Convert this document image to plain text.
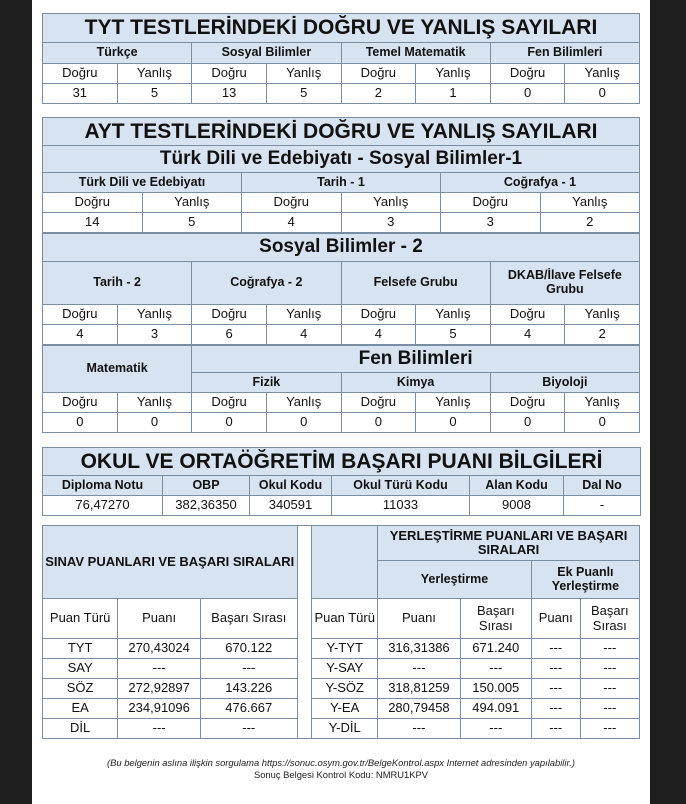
TYT TESTLERİNDEKİ DOĞRU VE YANLIŞ SAYILARI							
Türkçe		Sosyal Bilimler		Temel Matematik		Fen Bilimleri	
Doğru	Yanlış	Doğru	Yanlış	Doğru	Yanlış	Doğru	Yanlış
31	5	13	5	2	1	0	0
AYT TESTLERİNDEKİ DOĞRU VE YANLIŞ SAYILARI					
Türk Dili ve Edebiyatı - Sosyal Bilimler-1					
Türk Dili ve Edebiyatı		Tarih - 1		Coğrafya - 1	
Doğru	Yanlış	Doğru	Yanlış	Doğru	Yanlış
14	5	4	3	3	2
Sosyal Bilimler - 2							
Tarih - 2		Coğrafya - 2		Felsefe Grubu		DKAB/İlave Felsefe Grubu	
Doğru	Yanlış	Doğru	Yanlış	Doğru	Yanlış	Doğru	Yanlış
4	3	6	4	4	5	4	2
Matematik		Fen Bilimleri					
		Fizik		Kimya		Biyoloji	
Doğru	Yanlış	Doğru	Yanlış	Doğru	Yanlış	Doğru	Yanlış
0	0	0	0	0	0	0	0
OKUL VE ORTAÖĞRETİM BAŞARI PUANI BİLGİLERİ					
Diploma Notu	OBP	Okul Kodu	Okul Türü Kodu	Alan Kodu	Dal No
76,47270	382,36350	340591	11033	9008	-
SINAV PUANLARI VE BAŞARI SIRALARI					YERLEŞTİRME PUANLARI VE BAŞARI SIRALARI			
					Yerleştirme		Ek Puanlı Yerleştirme	

Puan Türü	Puanı	Başarı Sırası		Puan Türü	Puanı	Başarı Sırası	Puanı	Başarı Sırası
TYT	270,43024	670.122		Y-TYT	316,31386	671.240	---	---
SAY	---	---		Y-SAY	---	---	---	---
SÖZ	272,92897	143.226		Y-SÖZ	318,81259	150.005	---	---
EA	234,91096	476.667		Y-EA	280,79458	494.091	---	---
DİL	---	---		Y-DİL	---	---	---	---
(Bu belgenin aslına ilişkin sorgulama https://sonuc.osym.gov.tr/BelgeKontrol.aspx Internet adresinden yapılabilir.)
Sonuç Belgesi Kontrol Kodu: NMRU1KPV
